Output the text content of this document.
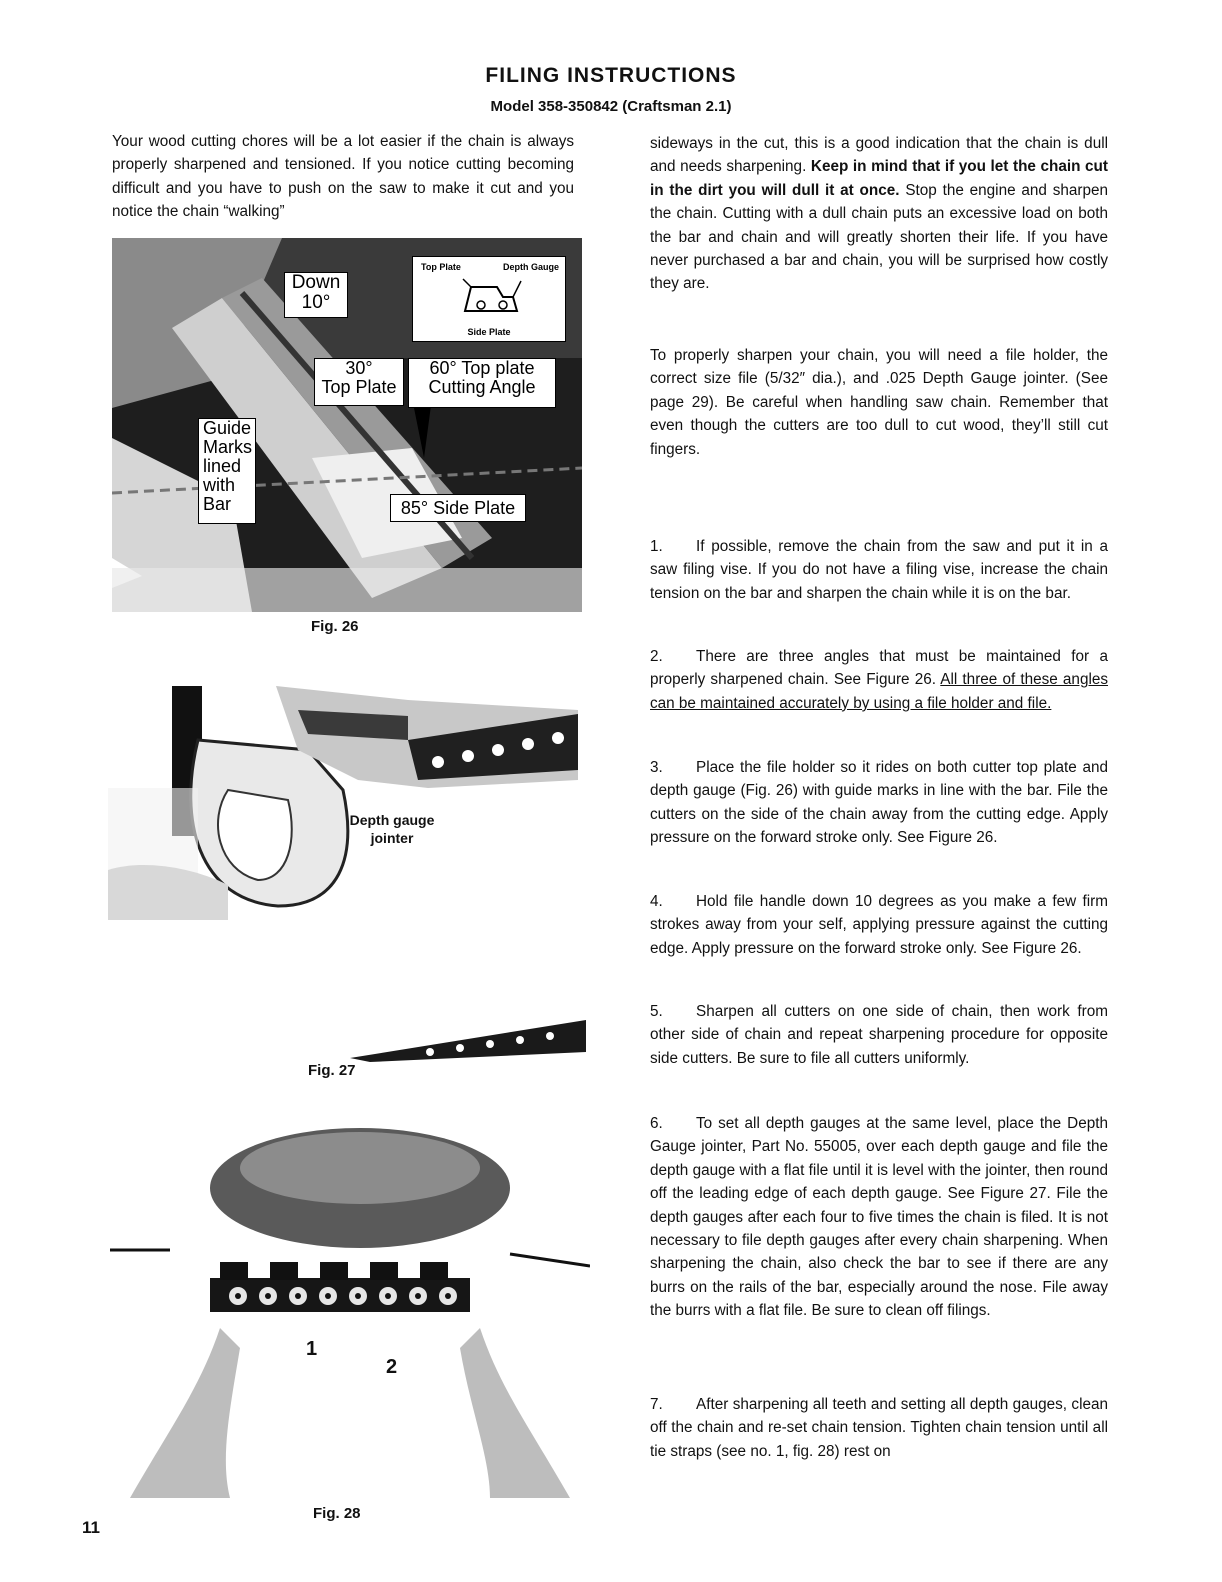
FILING INSTRUCTIONS
Model 358-350842 (Craftsman 2.1)

Your wood cutting chores will be a lot easier if the chain is always properly sharpened and tensioned. If you notice cutting becoming difficult and you have to push on the saw to make it cut and you notice the chain “walking”

Down
10°
Top Plate	Depth Gauge
Side Plate
30°
Top Plate
60° Top plate
Cutting Angle
Guide
Marks
lined
with
Bar	85° Side Plate
Fig. 26
Depth gauge
jointer
Fig. 27
1
2
Fig. 28

sideways in the cut, this is a good indication that the chain is dull and needs sharpening. Keep in mind that if you let the chain cut in the dirt you will dull it at once. Stop the engine and sharpen the chain. Cutting with a dull chain puts an excessive load on both the bar and chain and will greatly shorten their life. If you have never purchased a bar and chain, you will be surprised how costly they are.

To properly sharpen your chain, you will need a file holder, the correct size file (5/32″ dia.), and .025 Depth Gauge jointer. (See page 29). Be careful when handling saw chain. Remember that even though the cutters are too dull to cut wood, they’ll still cut fingers.

1. If possible, remove the chain from the saw and put it in a saw filing vise. If you do not have a filing vise, increase the chain tension on the bar and sharpen the chain while it is on the bar.

2. There are three angles that must be maintained for a properly sharpened chain. See Figure 26. All three of these angles can be maintained accurately by using a file holder and file.

3. Place the file holder so it rides on both cutter top plate and depth gauge (Fig. 26) with guide marks in line with the bar. File the cutters on the side of the chain away from the cutting edge. Apply pressure on the forward stroke only. See Figure 26.

4. Hold file handle down 10 degrees as you make a few firm strokes away from your self, applying pressure against the cutting edge. Apply pressure on the forward stroke only. See Figure 26.

5. Sharpen all cutters on one side of chain, then work from other side of chain and repeat sharpening procedure for opposite side cutters. Be sure to file all cutters uniformly.

6. To set all depth gauges at the same level, place the Depth Gauge jointer, Part No. 55005, over each depth gauge and file the depth gauge with a flat file until it is level with the jointer, then round off the leading edge of each depth gauge. See Figure 27. File the depth gauges after each four to five times the chain is filed. It is not necessary to file depth gauges after every chain sharpening. When sharpening the chain, also check the bar to see if there are any burrs on the rails of the bar, especially around the nose. File away the burrs with a flat file. Be sure to clean off filings.

7. After sharpening all teeth and setting all depth gauges, clean off the chain and re-set chain tension. Tighten chain tension until all tie straps (see no. 1, fig. 28) rest on

11
